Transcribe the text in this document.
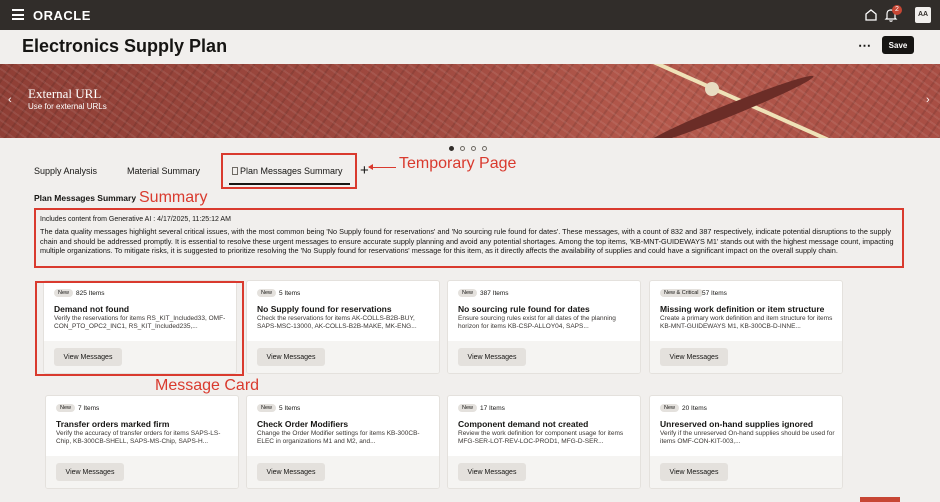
ORACLE	2
AA
Electronics Supply Plan	⋯	Save
‹ External URL
Use for external URLs
›
Supply Analysis	Material Summary	Plan Messages Summary + Temporary Page
Summary
Plan Messages Summary
Includes content from Generative AI : 4/17/2025, 11:25:12 AM
The data quality messages highlight several critical issues, with the most common being 'No Supply found for reservations' and 'No sourcing rule found for dates'. These messages, with a count of 832 and 387 respectively, indicate potential disruptions to the supply chain and should be addressed promptly. It is essential to resolve these urgent messages to ensure accurate supply planning and avoid any potential shortages. Among the top items, 'KB-MNT-GUIDEWAYS M1' stands out with the highest message count, impacting multiple organizations. To mitigate risks, it is suggested to prioritize resolving the 'No Supply found for reservations' message for this item, as it directly affects the availability of supplies and could have a significant impact on the overall supply chain.
New	825 Items
Demand not found
Verify the reservations for items RS_KIT_Included33, OMF-CON_PTO_OPC2_INC1, RS_KIT_Included235,...
View Messages
New	5 Items
No Supply found for reservations
Check the reservations for items AK-COLLS-B2B-BUY, SAPS-MSC-13000, AK-COLLS-B2B-MAKE, MK-ENG...
View Messages
New	387 Items
No sourcing rule found for dates
Ensure sourcing rules exist for all dates of the planning horizon for items KB-CSP-ALLOY04, SAPS...
View Messages
New & Critical 57 Items
Missing work definition or item structure
Create a primary work definition and item structure for items KB-MNT-GUIDEWAYS M1, KB-300CB-D-INNE...
View Messages
Message Card
New	7 Items
Transfer orders marked firm
Verify the accuracy of transfer orders for items SAPS-LS-Chip, KB-300CB-SHELL, SAPS-MS-Chip, SAPS-H...
View Messages
New	5 Items
Check Order Modifiers
Change the Order Modifier settings for items KB-300CB-ELEC in organizations M1 and M2, and...
View Messages
New	17 Items
Component demand not created
Review the work definition for component usage for items MFG-SER-LOT-REV-LOC-PROD1, MFG-D-SER...
View Messages
New	20 Items
Unreserved on-hand supplies ignored
Verify if the unreserved On-hand supplies should be used for items OMF-CON-KIT-003,...
View Messages
